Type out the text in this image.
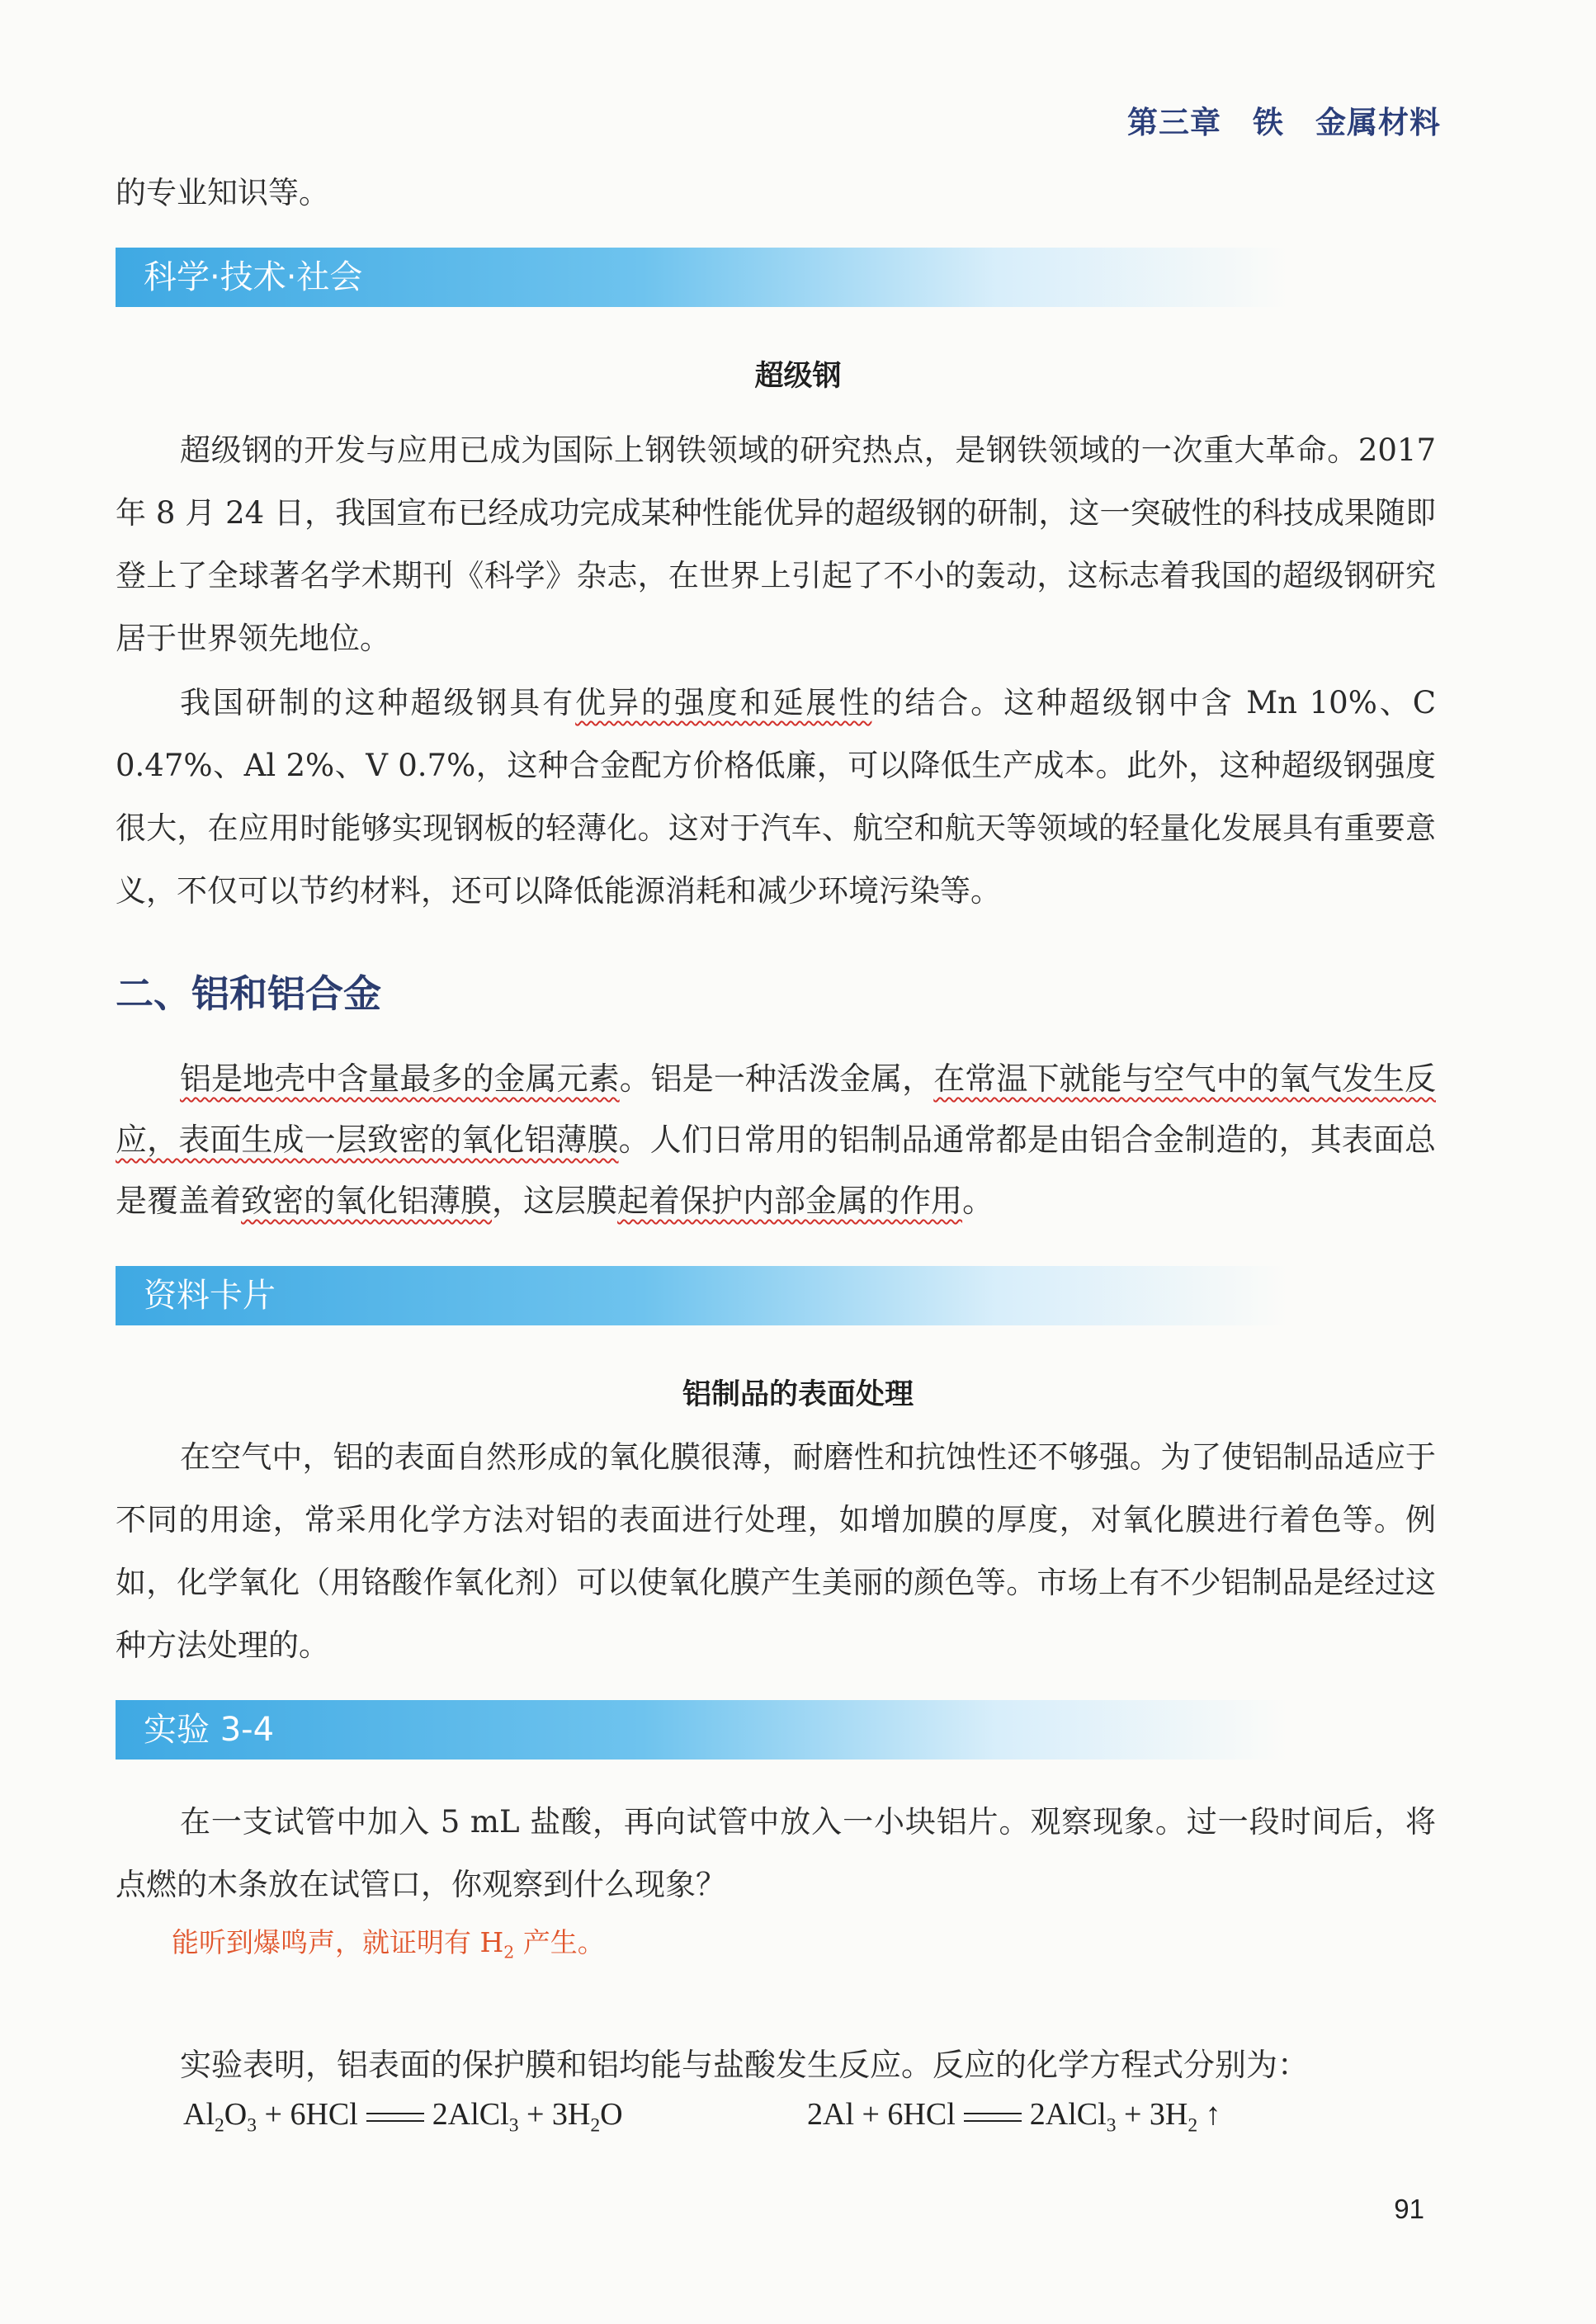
第三章　铁　金属材料

的专业知识等。

科学·技术·社会
超级钢

超级钢的开发与应用已成为国际上钢铁领域的研究热点，是钢铁领域的一次重大革命。2017 年 8 月 24 日，我国宣布已经成功完成某种性能优异的超级钢的研制，这一突破性的科技成果随即登上了全球著名学术期刊《科学》杂志，在世界上引起了不小的轰动，这标志着我国的超级钢研究居于世界领先地位。

我国研制的这种超级钢具有优异的强度和延展性的结合。这种超级钢中含 Mn 10%、C 0.47%、Al 2%、V 0.7%，这种合金配方价格低廉，可以降低生产成本。此外，这种超级钢强度很大，在应用时能够实现钢板的轻薄化。这对于汽车、航空和航天等领域的轻量化发展具有重要意义，不仅可以节约材料，还可以降低能源消耗和减少环境污染等。

二、铝和铝合金

铝是地壳中含量最多的金属元素。铝是一种活泼金属，在常温下就能与空气中的氧气发生反应，表面生成一层致密的氧化铝薄膜。人们日常用的铝制品通常都是由铝合金制造的，其表面总是覆盖着致密的氧化铝薄膜，这层膜起着保护内部金属的作用。

资料卡片
铝制品的表面处理

在空气中，铝的表面自然形成的氧化膜很薄，耐磨性和抗蚀性还不够强。为了使铝制品适应于不同的用途，常采用化学方法对铝的表面进行处理，如增加膜的厚度，对氧化膜进行着色等。例如，化学氧化（用铬酸作氧化剂）可以使氧化膜产生美丽的颜色等。市场上有不少铝制品是经过这种方法处理的。

实验 3-4

在一支试管中加入 5 mL 盐酸，再向试管中放入一小块铝片。观察现象。过一段时间后，将点燃的木条放在试管口，你观察到什么现象？

能听到爆鸣声，就证明有 $H_2$ 产生。

实验表明，铝表面的保护膜和铝均能与盐酸发生反应。反应的化学方程式分别为：

$Al_2O_3 + 6HCl$ 2AlCl$_3$ + $3H_2O$	2Al + 6HCl 2AlCl$_3$ + $3H_2$ ↑
91
